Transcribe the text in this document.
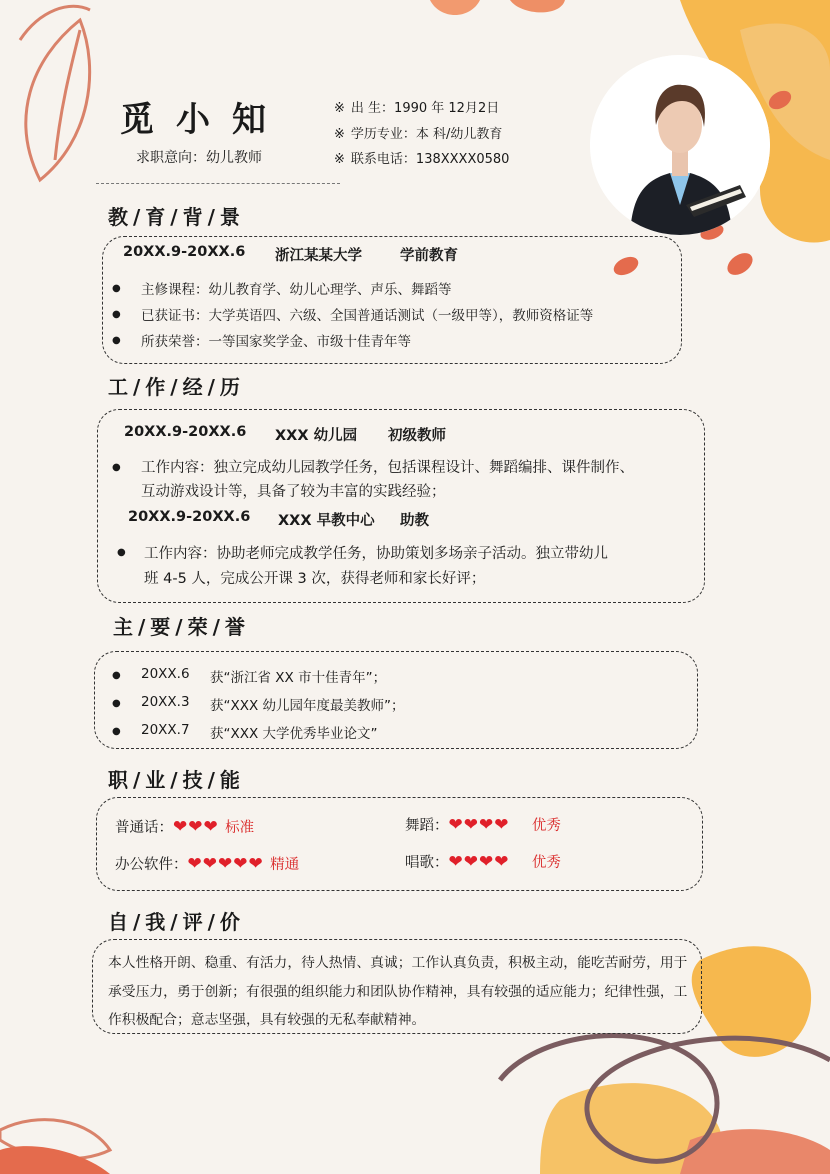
觅小知
求职意向：幼儿教师
※ 出 生：1990 年 12月2日
※ 学历专业：本 科/幼儿教育
※ 联系电话：138XXXX0580
教/育/背/景
20XX.9-20XX.6 浙江某某大学	学前教育
● 主修课程：幼儿教育学、幼儿心理学、声乐、舞蹈等
● 已获证书：大学英语四、六级、全国普通话测试（一级甲等），教师资格证等
● 所获荣誉：一等国家奖学金、市级十佳青年等
工/作/经/历
20XX.9-20XX.6 XXX 幼儿园 初级教师
● 工作内容：独立完成幼儿园教学任务，包括课程设计、舞蹈编排、课件制作、
互动游戏设计等，具备了较为丰富的实践经验；
20XX.9-20XX.6 XXX 早教中心 助教
● 工作内容：协助老师完成教学任务，协助策划多场亲子活动。独立带幼儿
班 4-5 人，完成公开课 3 次，获得老师和家长好评；
主/要/荣/誉
● 20XX.6 获“浙江省 XX 市十佳青年”；
● 20XX.3 获“XXX 幼儿园年度最美教师”；
● 20XX.7 获“XXX 大学优秀毕业论文”
职/业/技/能
普通话：❤❤❤ 标准	舞蹈：❤❤❤❤ 优秀
办公软件：❤❤❤❤❤ 精通	唱歌：❤❤❤❤ 优秀
自/我/评/价
本人性格开朗、稳重、有活力，待人热情、真诚；工作认真负责，积极主动，能吃苦耐劳，用于承受压力，勇于创新；有很强的组织能力和团队协作精神，具有较强的适应能力；纪律性强，工作积极配合；意志坚强，具有较强的无私奉献精神。
